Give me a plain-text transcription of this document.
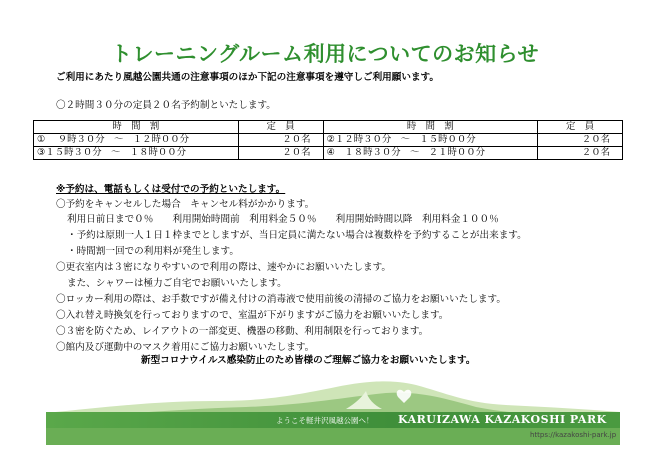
トレーニングルーム利用についてのお知らせ
ご利用にあたり風越公園共通の注意事項のほか下記の注意事項を遵守しご利用願います。
〇２時間３０分の定員２０名予約制といたします。
時　間　割	定　員	時　間　割	定　員
①　 ９時３０分　～　１２時００分	２０名	②１２時３０分　～　１５時００分	２０名
③１５時３０分　～　１８時００分	２０名	④　１８時３０分　～　２１時００分	２０名
※予約は、電話もしくは受付での予約といたします。
〇予約をキャンセルした場合　キャンセル料がかかります。
利用日前日まで０％　　利用開始時間前　利用料金５０％　　利用開始時間以降　利用料金１００％
・予約は原則一人１日１枠までとしますが、当日定員に満たない場合は複数枠を予約することが出来ます。
・時間割一回での利用料が発生します。
〇更衣室内は３密になりやすいので利用の際は、速やかにお願いいたします。
また、シャワーは極力ご自宅でお願いいたします。
〇ロッカー利用の際は、お手数ですが備え付けの消毒液で使用前後の清掃のご協力をお願いいたします。
〇入れ替え時換気を行っておりますので、室温が下がりますがご協力をお願いいたします。
〇３密を防ぐため、レイアウトの一部変更、機器の移動、利用制限を行っております。
〇館内及び運動中のマスク着用にご協力お願いいたします。
新型コロナウイルス感染防止のため皆様のご理解ご協力をお願いいたします。
ようこそ軽井沢風越公園へ！ KARUIZAWA KAZAKOSHI PARK
https://kazakoshi-park.jp
